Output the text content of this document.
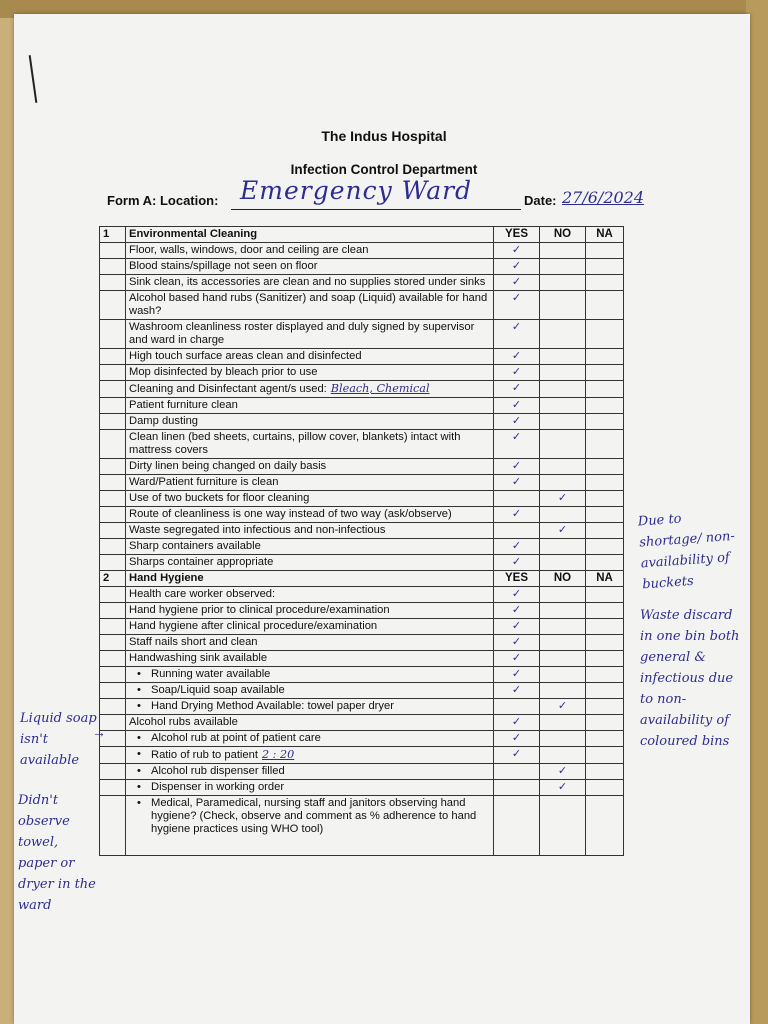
The Indus Hospital
Infection Control Department
Form A: Location: Emergency Ward	Date: 27/6/2024
1	Environmental Cleaning	YES	NO	NA
	Floor, walls, windows, door and ceiling are clean	✓		
	Blood stains/spillage not seen on floor	✓		
	Sink clean, its accessories are clean and no supplies stored under sinks	✓		
	Alcohol based hand rubs (Sanitizer) and soap (Liquid) available for hand wash?	✓		
	Washroom cleanliness roster displayed and duly signed by supervisor and ward in charge	✓		
	High touch surface areas clean and disinfected	✓		
	Mop disinfected by bleach prior to use	✓		
	Cleaning and Disinfectant agent/s used: Bleach, Chemical	✓		
	Patient furniture clean	✓		
	Damp dusting	✓		
	Clean linen (bed sheets, curtains, pillow cover, blankets) intact with mattress covers	✓		
	Dirty linen being changed on daily basis	✓		
	Ward/Patient furniture is clean	✓		
	Use of two buckets for floor cleaning		✓	
	Route of cleanliness is one way instead of two way (ask/observe)	✓		
	Waste segregated into infectious and non-infectious		✓	
	Sharp containers available	✓		
	Sharps container appropriate	✓		
2	Hand Hygiene	YES	NO	NA
	Health care worker observed:	✓		
	Hand hygiene prior to clinical procedure/examination	✓		
	Hand hygiene after clinical procedure/examination	✓		
	Staff nails short and clean	✓		
	Handwashing sink available	✓		

	• Running water available	✓		

	• Soap/Liquid soap available	✓		

	• Hand Drying Method Available: towel paper dryer		✓	
	Alcohol rubs available	✓		

	• Alcohol rub at point of patient care	✓		

	• Ratio of rub to patient 2 : 20	✓		

	• Alcohol rub dispenser filled		✓	

	• Dispenser in working order		✓	

	• Medical, Paramedical, nursing staff and janitors observing hand hygiene? (Check, observe and comment as % adherence to hand hygiene practices using WHO tool)

Due to shortage/ non-availability of buckets
Waste discard in one bin both general & infectious due to non-availability of coloured bins
Liquid soap isn't available
→
Didn't observe towel, paper or dryer in the ward
